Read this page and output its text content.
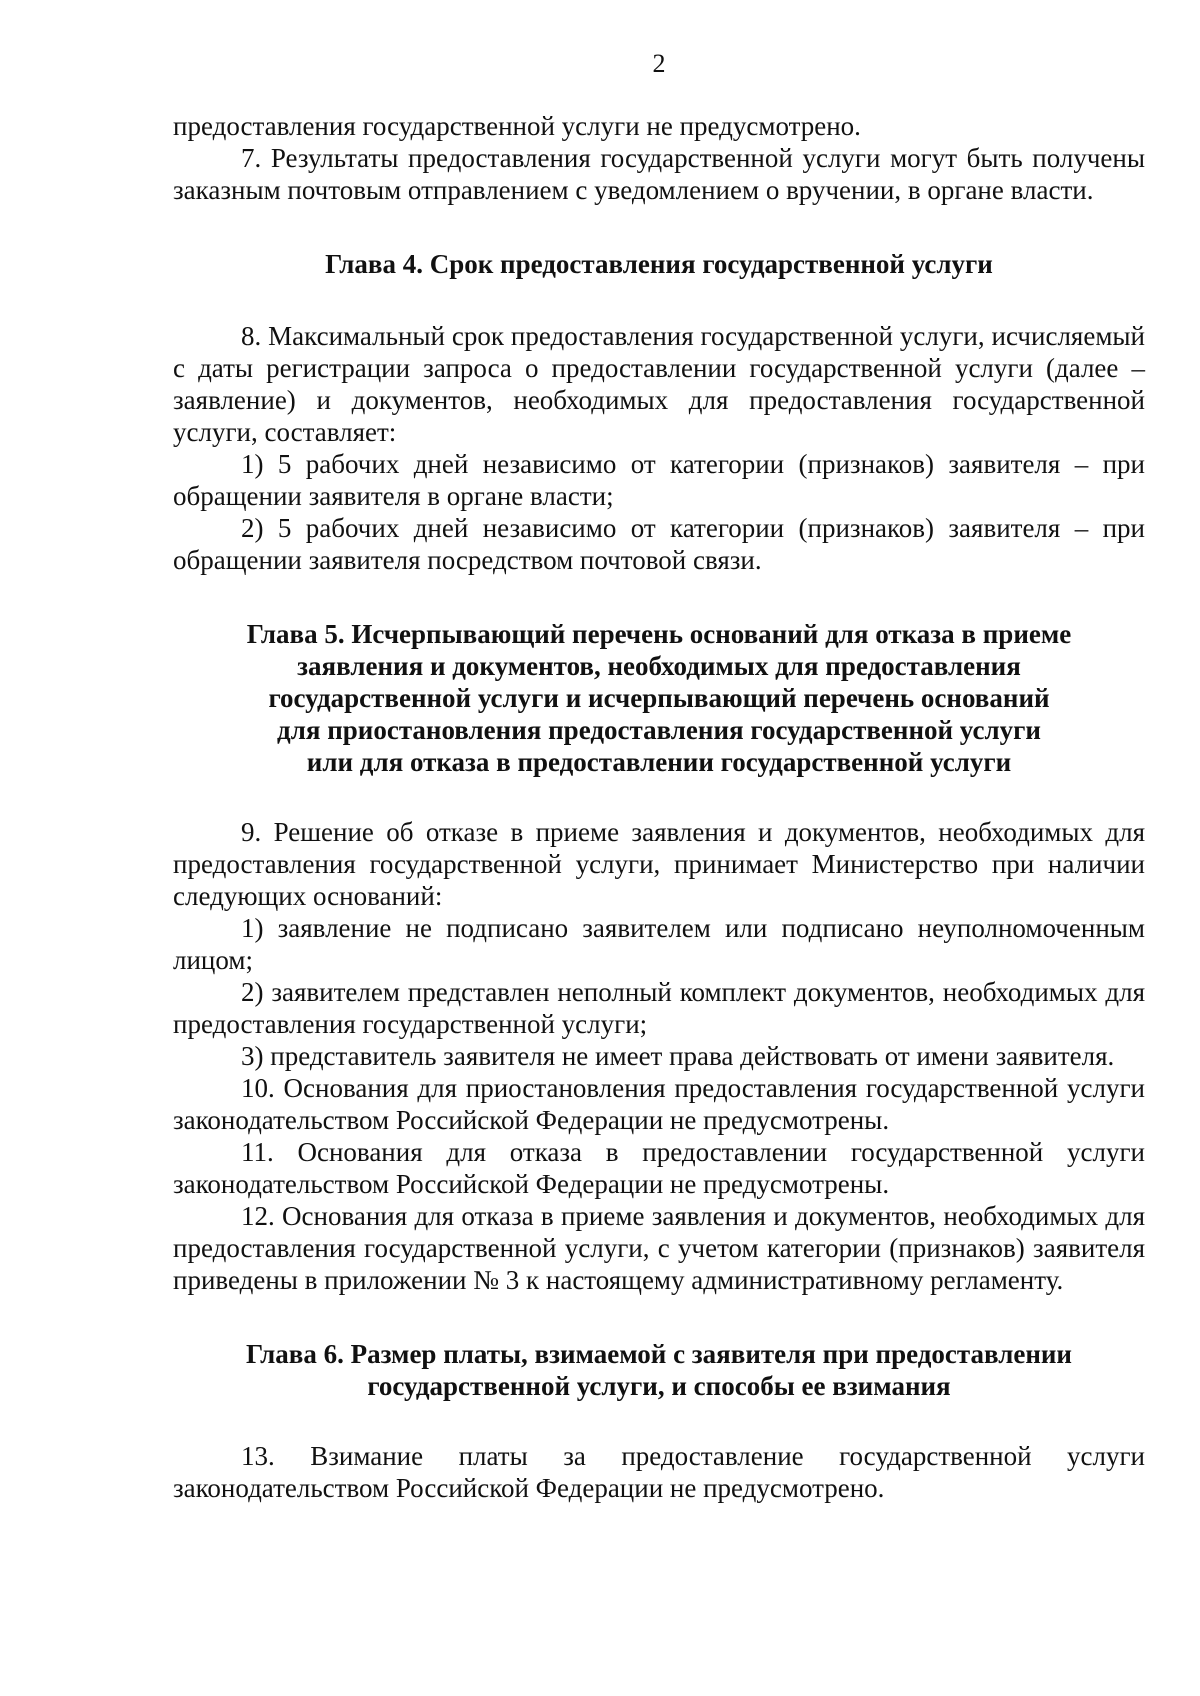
2

предоставления государственной услуги не предусмотрено.

7. Результаты предоставления государственной услуги могут быть получены заказным почтовым отправлением с уведомлением о вручении, в органе власти.

Глава 4. Срок предоставления государственной услуги

8. Максимальный срок предоставления государственной услуги, исчисляемый с даты регистрации запроса о предоставлении государственной услуги (далее – заявление) и документов, необходимых для предоставления государственной услуги, составляет:

1) 5 рабочих дней независимо от категории (признаков) заявителя – при обращении заявителя в органе власти;

2) 5 рабочих дней независимо от категории (признаков) заявителя – при обращении заявителя посредством почтовой связи.

Глава 5. Исчерпывающий перечень оснований для отказа в приеме
заявления и документов, необходимых для предоставления
государственной услуги и исчерпывающий перечень оснований
для приостановления предоставления государственной услуги
или для отказа в предоставлении государственной услуги

9. Решение об отказе в приеме заявления и документов, необходимых для предоставления государственной услуги, принимает Министерство при наличии следующих оснований:

1) заявление не подписано заявителем или подписано неуполномоченным лицом;

2) заявителем представлен неполный комплект документов, необходимых для предоставления государственной услуги;

3) представитель заявителя не имеет права действовать от имени заявителя.

10. Основания для приостановления предоставления государственной услуги законодательством Российской Федерации не предусмотрены.

11. Основания для отказа в предоставлении государственной услуги законодательством Российской Федерации не предусмотрены.

12. Основания для отказа в приеме заявления и документов, необходимых для предоставления государственной услуги, с учетом категории (признаков) заявителя приведены в приложении № 3 к настоящему административному регламенту.

Глава 6. Размер платы, взимаемой с заявителя при предоставлении
государственной услуги, и способы ее взимания

13. Взимание платы за предоставление государственной услуги законодательством Российской Федерации не предусмотрено.
